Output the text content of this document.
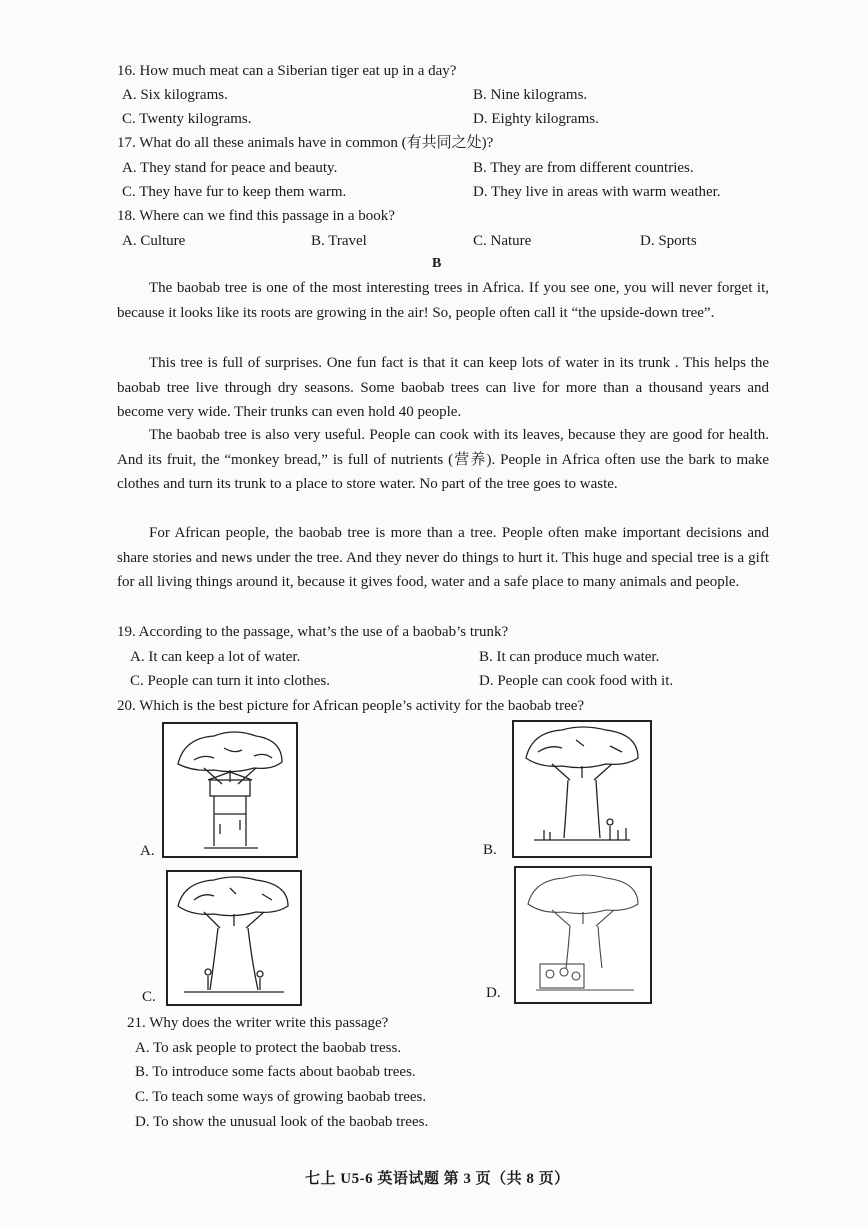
16. How much meat can a Siberian tiger eat up in a day?
A. Six kilograms.	B. Nine kilograms.
C. Twenty kilograms.	D. Eighty kilograms.
17. What do all these animals have in common (有共同之处)?
A. They stand for peace and beauty.	B. They are from different countries.
C. They have fur to keep them warm.	D. They live in areas with warm weather.
18. Where can we find this passage in a book?
A. Culture	B. Travel	C. Nature	D. Sports
B
The baobab tree is one of the most interesting trees in Africa. If you see one, you will never forget it, because it looks like its roots are growing in the air! So, people often call it “the upside-down tree”.
This tree is full of surprises. One fun fact is that it can keep lots of water in its trunk . This helps the baobab tree live through dry seasons. Some baobab trees can live for more than a thousand years and become very wide. Their trunks can even hold 40 people.
The baobab tree is also very useful. People can cook with its leaves, because they are good for health. And its fruit, the “monkey bread,” is full of nutrients (营养). People in Africa often use the bark to make clothes and turn its trunk to a place to store water. No part of the tree goes to waste.
For African people, the baobab tree is more than a tree. People often make important decisions and share stories and news under the tree. And they never do things to hurt it. This huge and special tree is a gift for all living things around it, because it gives food, water and a safe place to many animals and people.
19. According to the passage, what’s the use of a baobab’s trunk?
A. It can keep a lot of water.	B. It can produce much water.
C. People can turn it into clothes.	D. People can cook food with it.
20. Which is the best picture for African people’s activity for the baobab tree?
A.	B.
C.	D.
21. Why does the writer write this passage?
A. To ask people to protect the baobab tress.
B. To introduce some facts about baobab trees.
C. To teach some ways of growing baobab trees.
D. To show the unusual look of the baobab trees.
七上 U5-6 英语试题 第 3 页（共 8 页）
